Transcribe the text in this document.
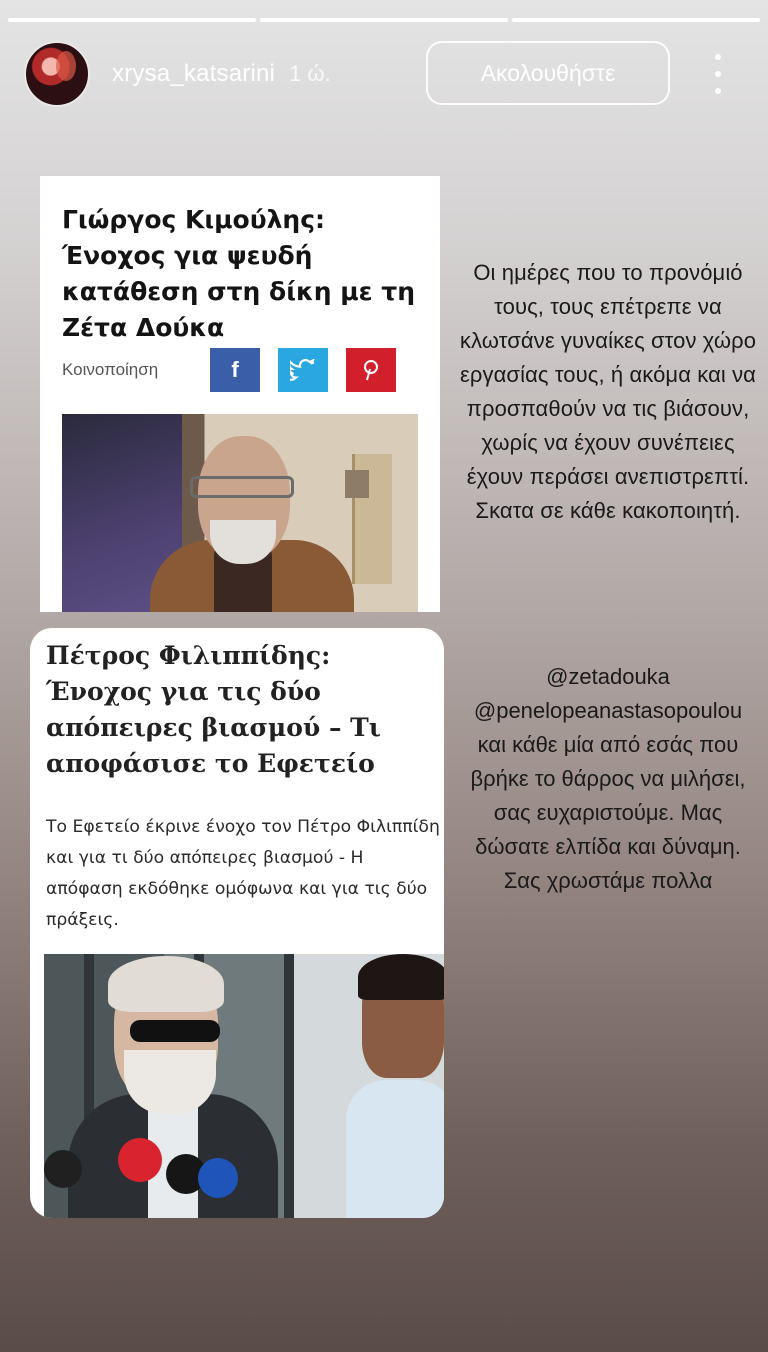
xrysa_katsarini 1 ώ.	Ακολουθήστε
Γιώργος Κιμούλης: Ένοχος για ψευδή κατάθεση στη δίκη με τη Ζέτα Δούκα
Κοινοποίηση	f
Πέτρος Φιλιππίδης: Ένοχος για τις δύο απόπειρες βιασμού – Τι αποφάσισε το Εφετείο
Το Εφετείο έκρινε ένοχο τον Πέτρο Φιλιππίδη και για τι δύο απόπειρες βιασμού - Η απόφαση εκδόθηκε ομόφωνα και για τις δύο πράξεις.
Οι ημέρες που το προνόμιό τους, τους επέτρεπε να κλωτσάνε γυναίκες στον χώρο εργασίας τους, ή ακόμα και να προσπαθούν να τις βιάσουν, χωρίς να έχουν συνέπειες έχουν περάσει ανεπιστρεπτί. Σκατα σε κάθε κακοποιητή.
@zetadouka
@penelopeanastasopoulou και κάθε μία από εσάς που βρήκε το θάρρος να μιλήσει, σας ευχαριστούμε. Μας δώσατε ελπίδα και δύναμη. Σας χρωστάμε πολλα
